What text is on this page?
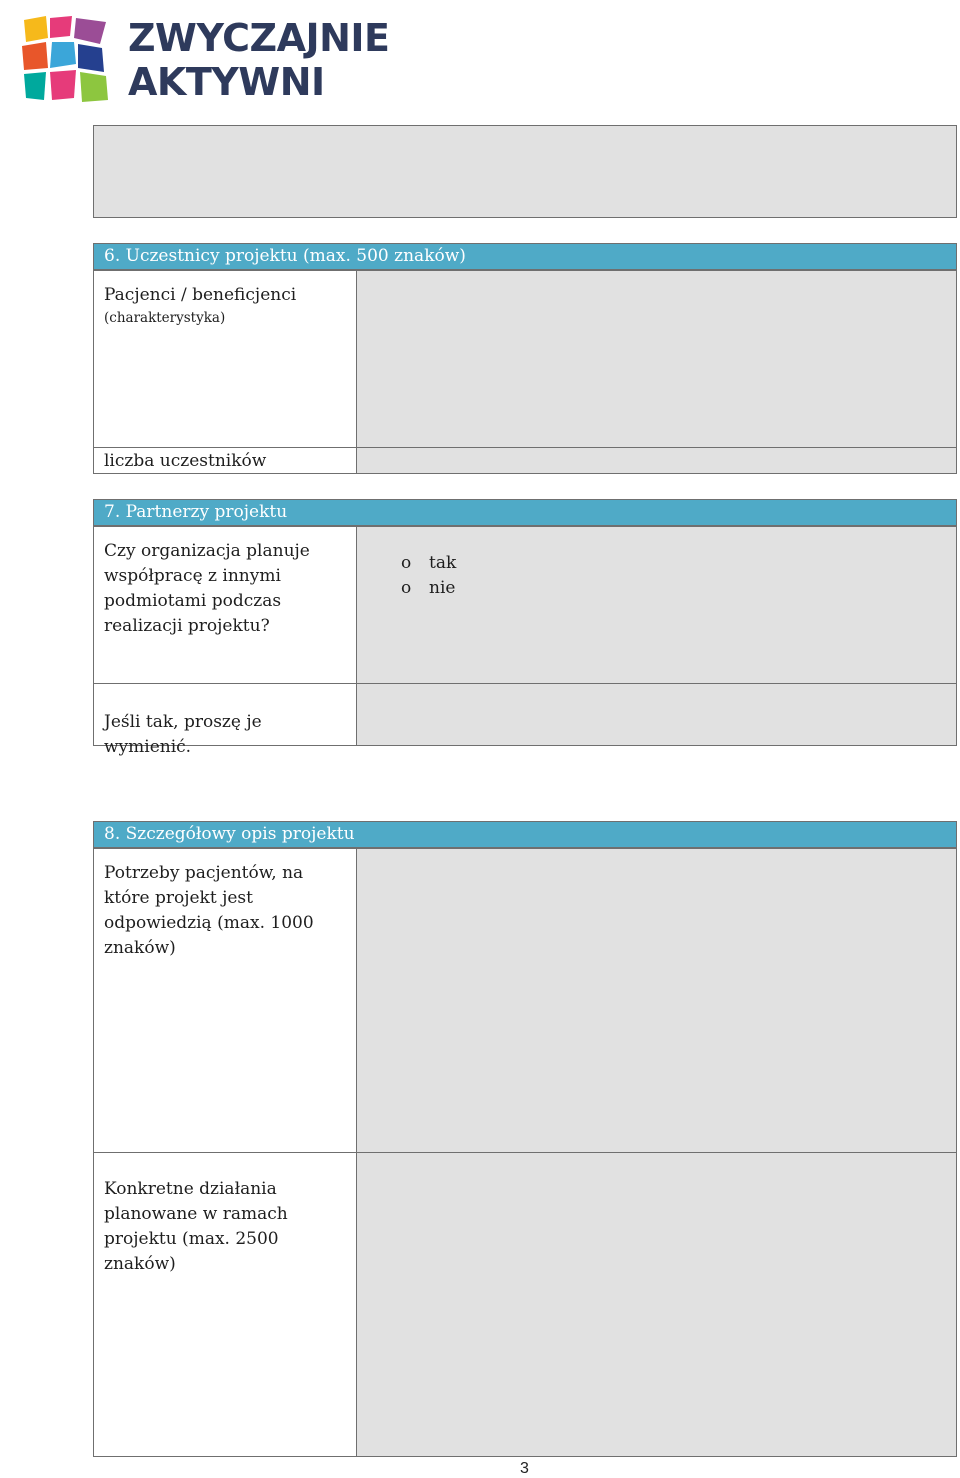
ZWYCZAJNIE
AKTYWNI
6. Uczestnicy projektu (max. 500 znaków)
Pacjenci / beneficjenci
(charakterystyka)
liczba uczestników
7. Partnerzy projektu
Czy organizacja planuje współpracę z innymi podmiotami podczas realizacji projektu?
o tak
o nie
Jeśli tak, proszę je wymienić.
8. Szczegółowy opis projektu
Potrzeby pacjentów, na które projekt jest odpowiedzią (max. 1000 znaków)
Konkretne działania planowane w ramach projektu (max. 2500 znaków)
3
